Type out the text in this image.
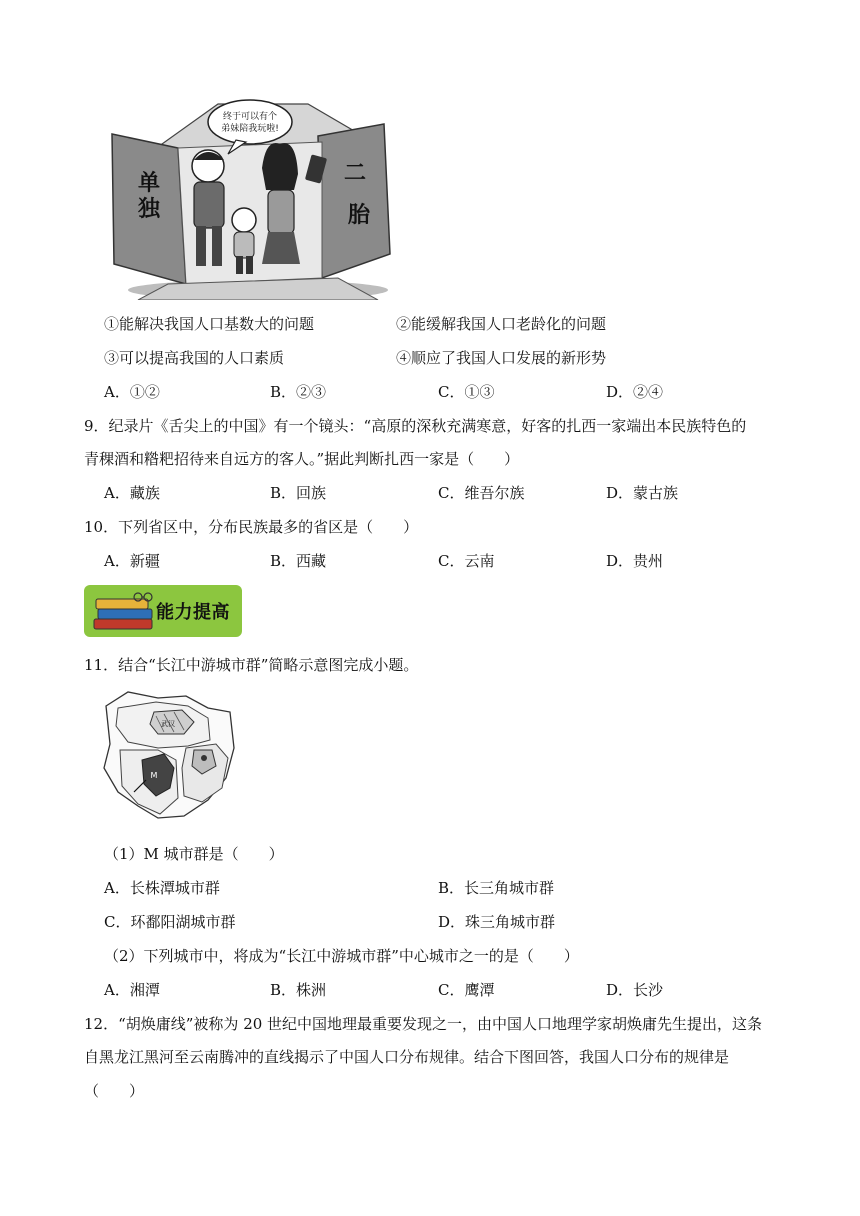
终于可以有个
弟妹陪我玩啦!
单
独
二
胎
①能解决我国人口基数大的问题	②能缓解我国人口老龄化的问题
③可以提高我国的人口素质	④顺应了我国人口发展的新形势
A．①②	B．②③	C．①③	D．②④
9．纪录片《舌尖上的中国》有一个镜头：“高原的深秋充满寒意，好客的扎西一家端出本民族特色的
青稞酒和糌粑招待来自远方的客人。”据此判断扎西一家是（　　）
A．藏族	B．回族	C．维吾尔族	D．蒙古族
10．下列省区中，分布民族最多的省区是（　　）
A．新疆	B．西藏	C．云南	D．贵州
能力提高
11．结合“长江中游城市群”简略示意图完成小题。
武汉
M
（1）M 城市群是（　　）
A．长株潭城市群	B．长三角城市群
C．环鄱阳湖城市群	D．珠三角城市群
（2）下列城市中，将成为“长江中游城市群”中心城市之一的是（　　）
A．湘潭	B．株洲	C．鹰潭	D．长沙
12．“胡焕庸线”被称为 20 世纪中国地理最重要发现之一，由中国人口地理学家胡焕庸先生提出，这条
自黑龙江黑河至云南腾冲的直线揭示了中国人口分布规律。结合下图回答，我国人口分布的规律是
（　　）
